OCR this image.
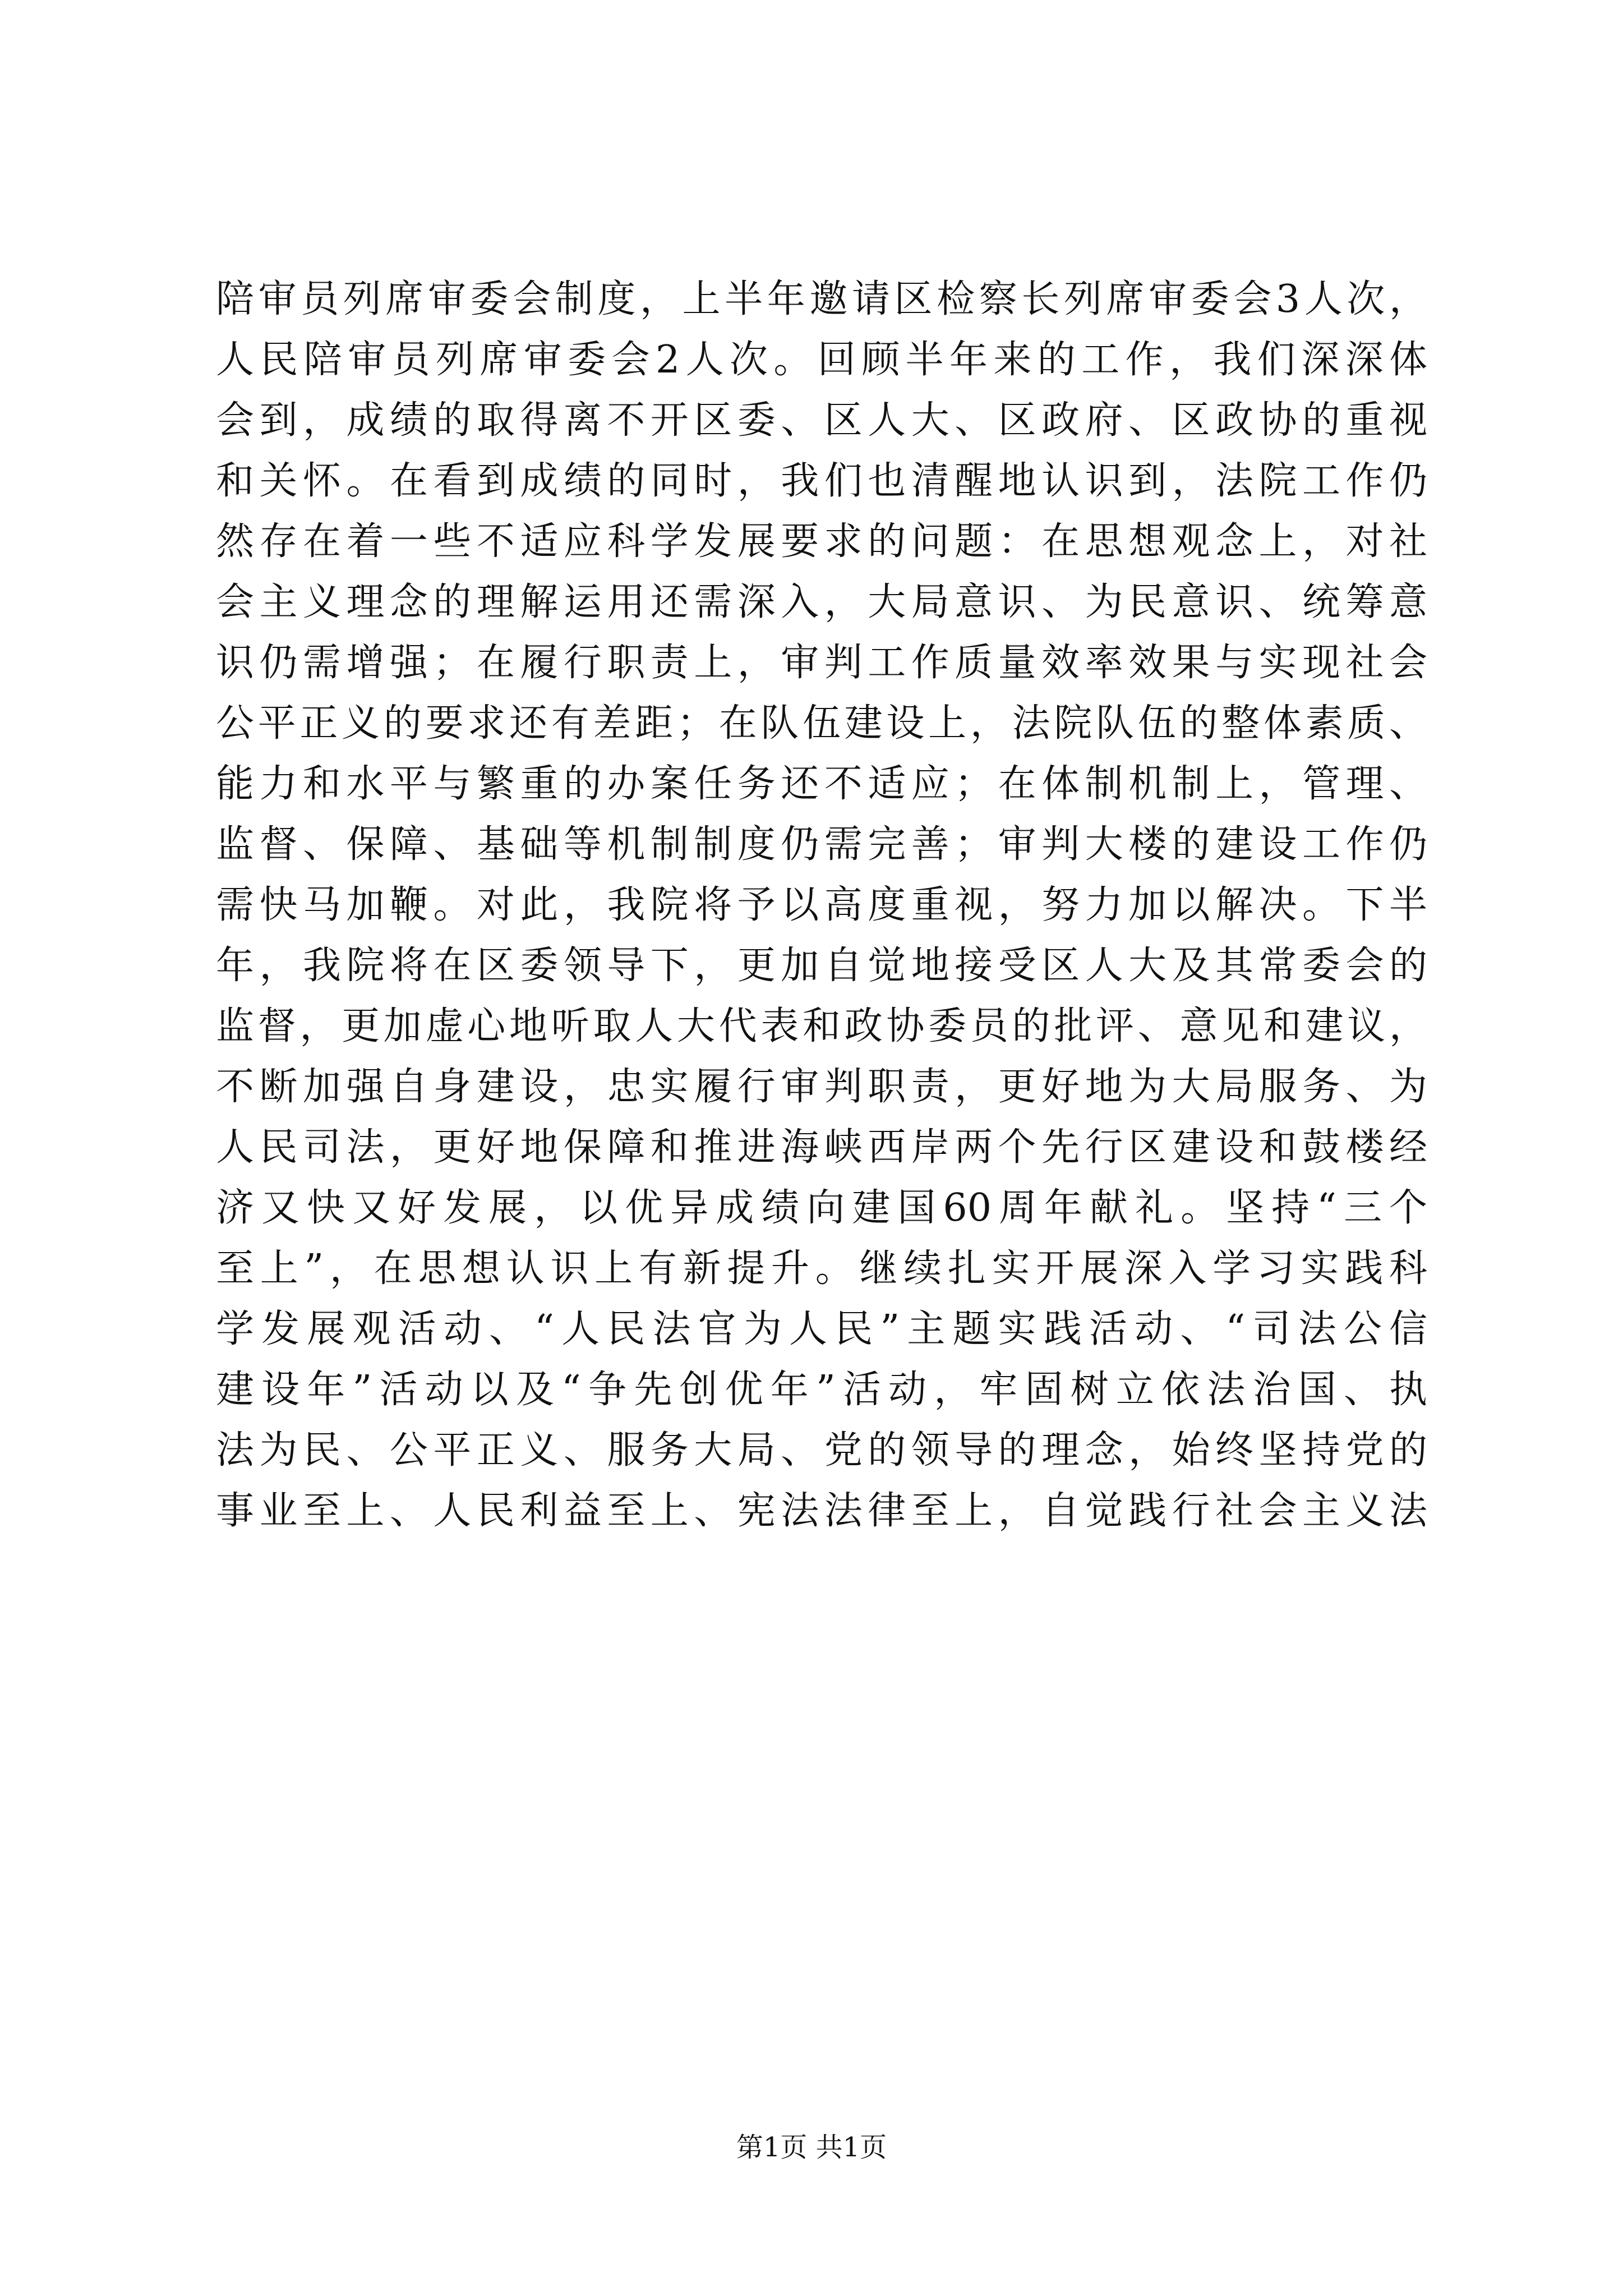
陪审员列席审委会制度，上半年邀请区检察长列席审委会3人次，
人民陪审员列席审委会2人次。回顾半年来的工作，我们深深体
会到，成绩的取得离不开区委、区人大、区政府、区政协的重视
和关怀。在看到成绩的同时，我们也清醒地认识到，法院工作仍
然存在着一些不适应科学发展要求的问题：在思想观念上，对社
会主义理念的理解运用还需深入，大局意识、为民意识、统筹意
识仍需增强；在履行职责上，审判工作质量效率效果与实现社会
公平正义的要求还有差距；在队伍建设上，法院队伍的整体素质、
能力和水平与繁重的办案任务还不适应；在体制机制上，管理、
监督、保障、基础等机制制度仍需完善；审判大楼的建设工作仍
需快马加鞭。对此，我院将予以高度重视，努力加以解决。下半
年，我院将在区委领导下，更加自觉地接受区人大及其常委会的
监督，更加虚心地听取人大代表和政协委员的批评、意见和建议，
不断加强自身建设，忠实履行审判职责，更好地为大局服务、为
人民司法，更好地保障和推进海峡西岸两个先行区建设和鼓楼经
济又快又好发展，以优异成绩向建国60周年献礼。坚持“三个
至上”，在思想认识上有新提升。继续扎实开展深入学习实践科
学发展观活动、“人民法官为人民”主题实践活动、“司法公信
建设年”活动以及“争先创优年”活动，牢固树立依法治国、执
法为民、公平正义、服务大局、党的领导的理念，始终坚持党的
事业至上、人民利益至上、宪法法律至上，自觉践行社会主义法
第1页 共1页
